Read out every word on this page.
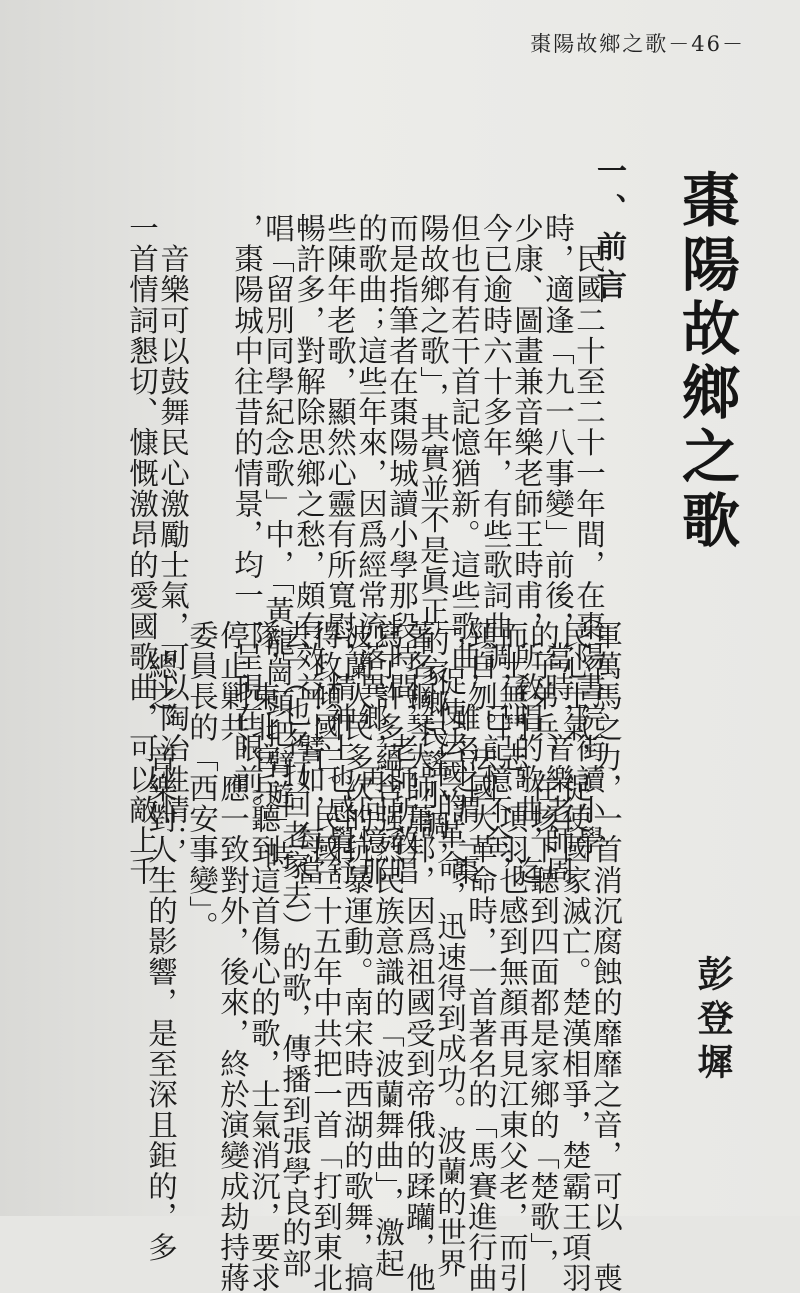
棗陽故鄉之歌－46－
棗陽故鄉之歌
彭登墀
一、前言
　民國二十至二十一年間，在棗陽書院街讀小學
時，適逢「九一八事變」前後，當時，音樂老師周
少康、圖畫兼音樂老師王時甫，所敎唱的歌曲，迄
今已逾時六十多年，有些歌詞曲調，已記憶不全，
但也有若干首記憶猶新。這些歌曲，雖名之謂「棗
陽故鄉之歌」，其實並不是眞正的家鄉民謠小調，
而是指筆者在棗陽城讀小學那段時間，老師所敎唱
的歌曲；這些年來，因爲經常流落異鄉，再回憶那
些陳年老歌，顯然心靈有所寬慰，精神上也感覺舒
暢許多，對解除思鄉之愁，頗有效益；譬如，每當
唱「留別同學紀念歌」中，「黃龍崗頭把臂遊」時
，棗陽城中往昔的情景，均一一呈現在眼前。
　音樂可以鼓舞民心激勵士氣，可以陶冶性情；
一首情詞懇切、慷慨激昂的愛國歌曲，可以敵上千
軍萬馬之力，一首消沉腐蝕的靡靡之音，可以　喪
民心士氣，促使國家滅亡。楚漢相爭，楚霸王項羽
的子弟兵，在垓下聽到四面都是家鄉的「楚歌」，
而士無鬥志，項羽也感到無顏再見江東父老，而引
頸自刎。法國大革命時，一首著名的「馬賽進行曲
」，促使法國的革命，迅速得到成功。波蘭的世界
著名鋼琴大師蕭邦，因爲祖國受到帝俄的蹂躪，他
寫了許多蘊含强烈民族意識的「波蘭舞曲」，激起
波蘭人民多次的抗暴運動。南宋時西湖的歌舞，搞
得政傾國亡。民國二十五年中共把一首「打到東北
去」（也名打回老家去）的歌，傳播到張學良的部
隊，東北官兵聽到這首傷心的歌，士氣消沉，要求
停止剿共，應一致對外，後來，終於演變成劫持蔣
委員長的「西安事變」。
　總之，音樂對人生的影響，是至深且鉅的，多
